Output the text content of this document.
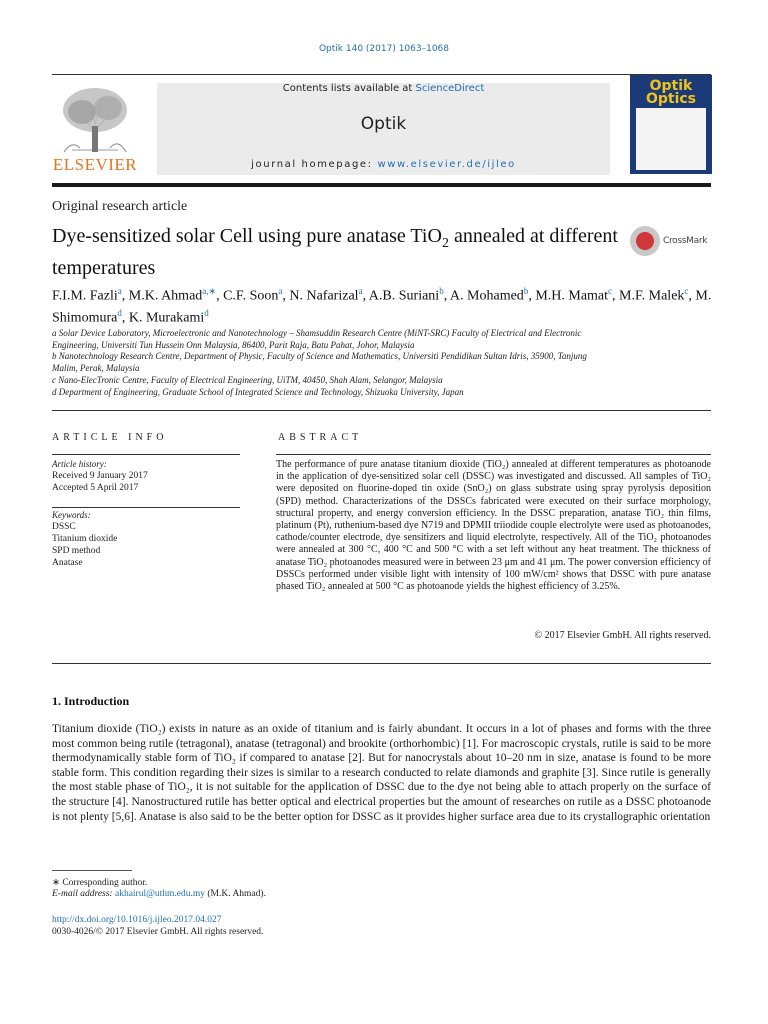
Optik 140 (2017) 1063–1068
ELSEVIER
Contents lists available at ScienceDirect
Optik
journal homepage: www.elsevier.de/ijleo
Optik Optics
Original research article
Dye-sensitized solar Cell using pure anatase TiO$_2$ annealed at different temperatures
CrossMark
F.I.M. Fazli$^a$, M.K. Ahmad$^{a,∗}$, C.F. Soon$^a$, N. Nafarizal$^a$, A.B. Suriani$^b$, A. Mohamed$^b$, M.H. Mamat$^c$, M.F. Malek$^c$, M. Shimomura$^d$, K. Murakami$^d$
a Solar Device Laboratory, Microelectronic and Nanotechnology – Shamsuddin Research Centre (MiNT-SRC) Faculty of Electrical and Electronic Engineering, Universiti Tun Hussein Onn Malaysia, 86400, Parit Raja, Batu Pahat, Johor, Malaysia
b Nanotechnology Research Centre, Department of Physic, Faculty of Science and Mathematics, Universiti Pendidikan Sultan Idris, 35900, Tanjung Malim, Perak, Malaysia
c Nano-ElecTronic Centre, Faculty of Electrical Engineering, UiTM, 40450, Shah Alam, Selangor, Malaysia
d Department of Engineering, Graduate School of Integrated Science and Technology, Shizuoka University, Japan
ARTICLE INFO	ABSTRACT
Article history:
Received 9 January 2017
Accepted 5 April 2017
Keywords:
DSSC
Titanium dioxide
SPD method
Anatase
The performance of pure anatase titanium dioxide (TiO₂) annealed at different temperatures as photoanode in the application of dye-sensitized solar cell (DSSC) was investigated and discussed. All samples of TiO₂ were deposited on fluorine-doped tin oxide (SnO₂) on glass substrate using spray pyrolysis deposition (SPD) method. Characterizations of the DSSCs fabricated were executed on their surface morphology, structural property, and energy conversion efficiency. In the DSSC preparation, anatase TiO₂ thin films, platinum (Pt), ruthenium-based dye N719 and DPMII triiodide couple electrolyte were used as photoanodes, cathode/counter electrode, dye sensitizers and liquid electrolyte, respectively. All of the TiO₂ photoanodes were annealed at 300 °C, 400 °C and 500 °C with a set left without any heat treatment. The thickness of anatase TiO₂ photoanodes measured were in between 23 μm and 41 μm. The power conversion efficiency of DSSCs performed under visible light with intensity of 100 mW/cm² shows that DSSC with pure anatase phased TiO₂ annealed at 500 °C as photoanode yields the highest efficiency of 3.25%.
© 2017 Elsevier GmbH. All rights reserved.
1. Introduction
Titanium dioxide (TiO₂) exists in nature as an oxide of titanium and is fairly abundant. It occurs in a lot of phases and forms with the three most common being rutile (tetragonal), anatase (tetragonal) and brookite (orthorhombic) [1]. For macroscopic crystals, rutile is said to be more thermodynamically stable form of TiO₂ if compared to anatase [2]. But for nanocrystals about 10–20 nm in size, anatase is found to be more stable form. This condition regarding their sizes is similar to a research conducted to relate diamonds and graphite [3]. Since rutile is generally the most stable phase of TiO₂, it is not suitable for the application of DSSC due to the dye not being able to attach properly on the surface of the structure [4]. Nanostructured rutile has better optical and electrical properties but the amount of researches on rutile as a DSSC photoanode is not plenty [5,6]. Anatase is also said to be the better option for DSSC as it provides higher surface area due to its crystallographic orientation
∗ Corresponding author.
E-mail address: akhairul@uthm.edu.my (M.K. Ahmad).
http://dx.doi.org/10.1016/j.ijleo.2017.04.027
0030-4026/© 2017 Elsevier GmbH. All rights reserved.
